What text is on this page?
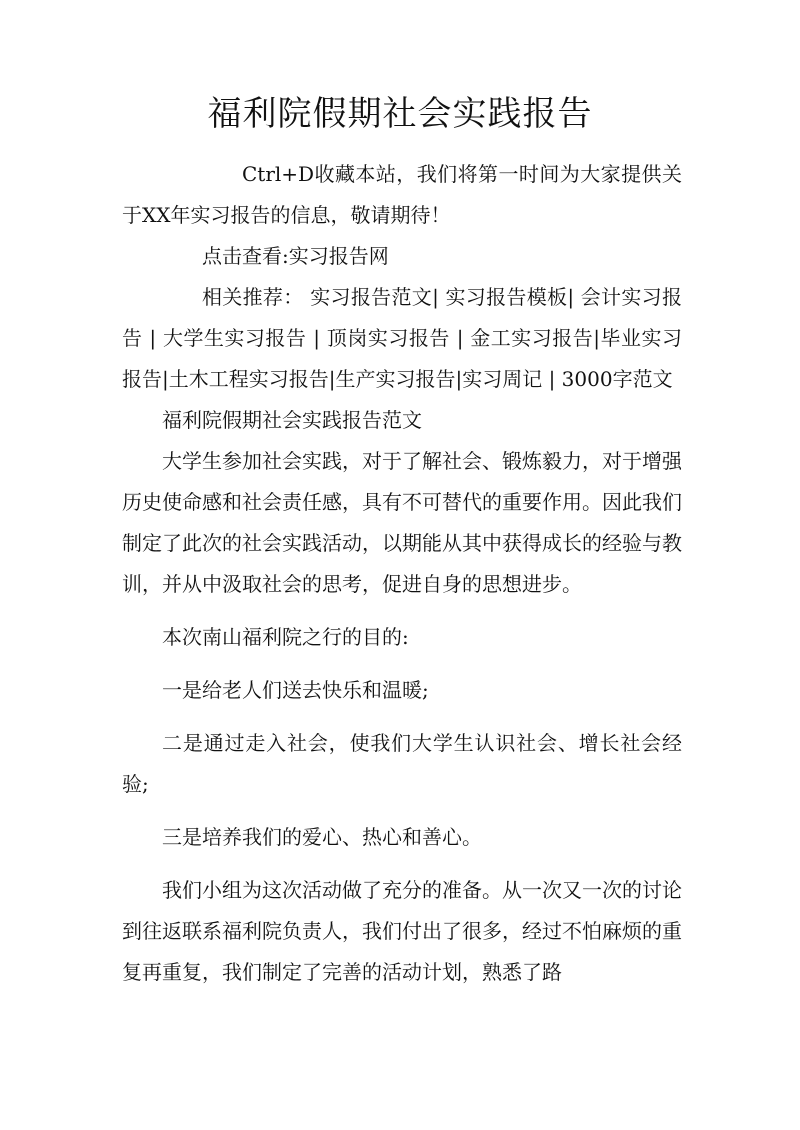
福利院假期社会实践报告

Ctrl+D收藏本站，我们将第一时间为大家提供关于XX年实习报告的信息，敬请期待！

点击查看:实习报告网

相关推荐： 实习报告范文| 实习报告模板| 会计实习报告 | 大学生实习报告 | 顶岗实习报告 | 金工实习报告|毕业实习报告|土木工程实习报告|生产实习报告|实习周记 | 3000字范文

福利院假期社会实践报告范文

大学生参加社会实践，对于了解社会、锻炼毅力，对于增强历史使命感和社会责任感，具有不可替代的重要作用。因此我们制定了此次的社会实践活动，以期能从其中获得成长的经验与教训，并从中汲取社会的思考，促进自身的思想进步。

本次南山福利院之行的目的:

一是给老人们送去快乐和温暖;

二是通过走入社会，使我们大学生认识社会、增长社会经验;

三是培养我们的爱心、热心和善心。

我们小组为这次活动做了充分的准备。从一次又一次的讨论到往返联系福利院负责人，我们付出了很多，经过不怕麻烦的重复再重复，我们制定了完善的活动计划，熟悉了路
